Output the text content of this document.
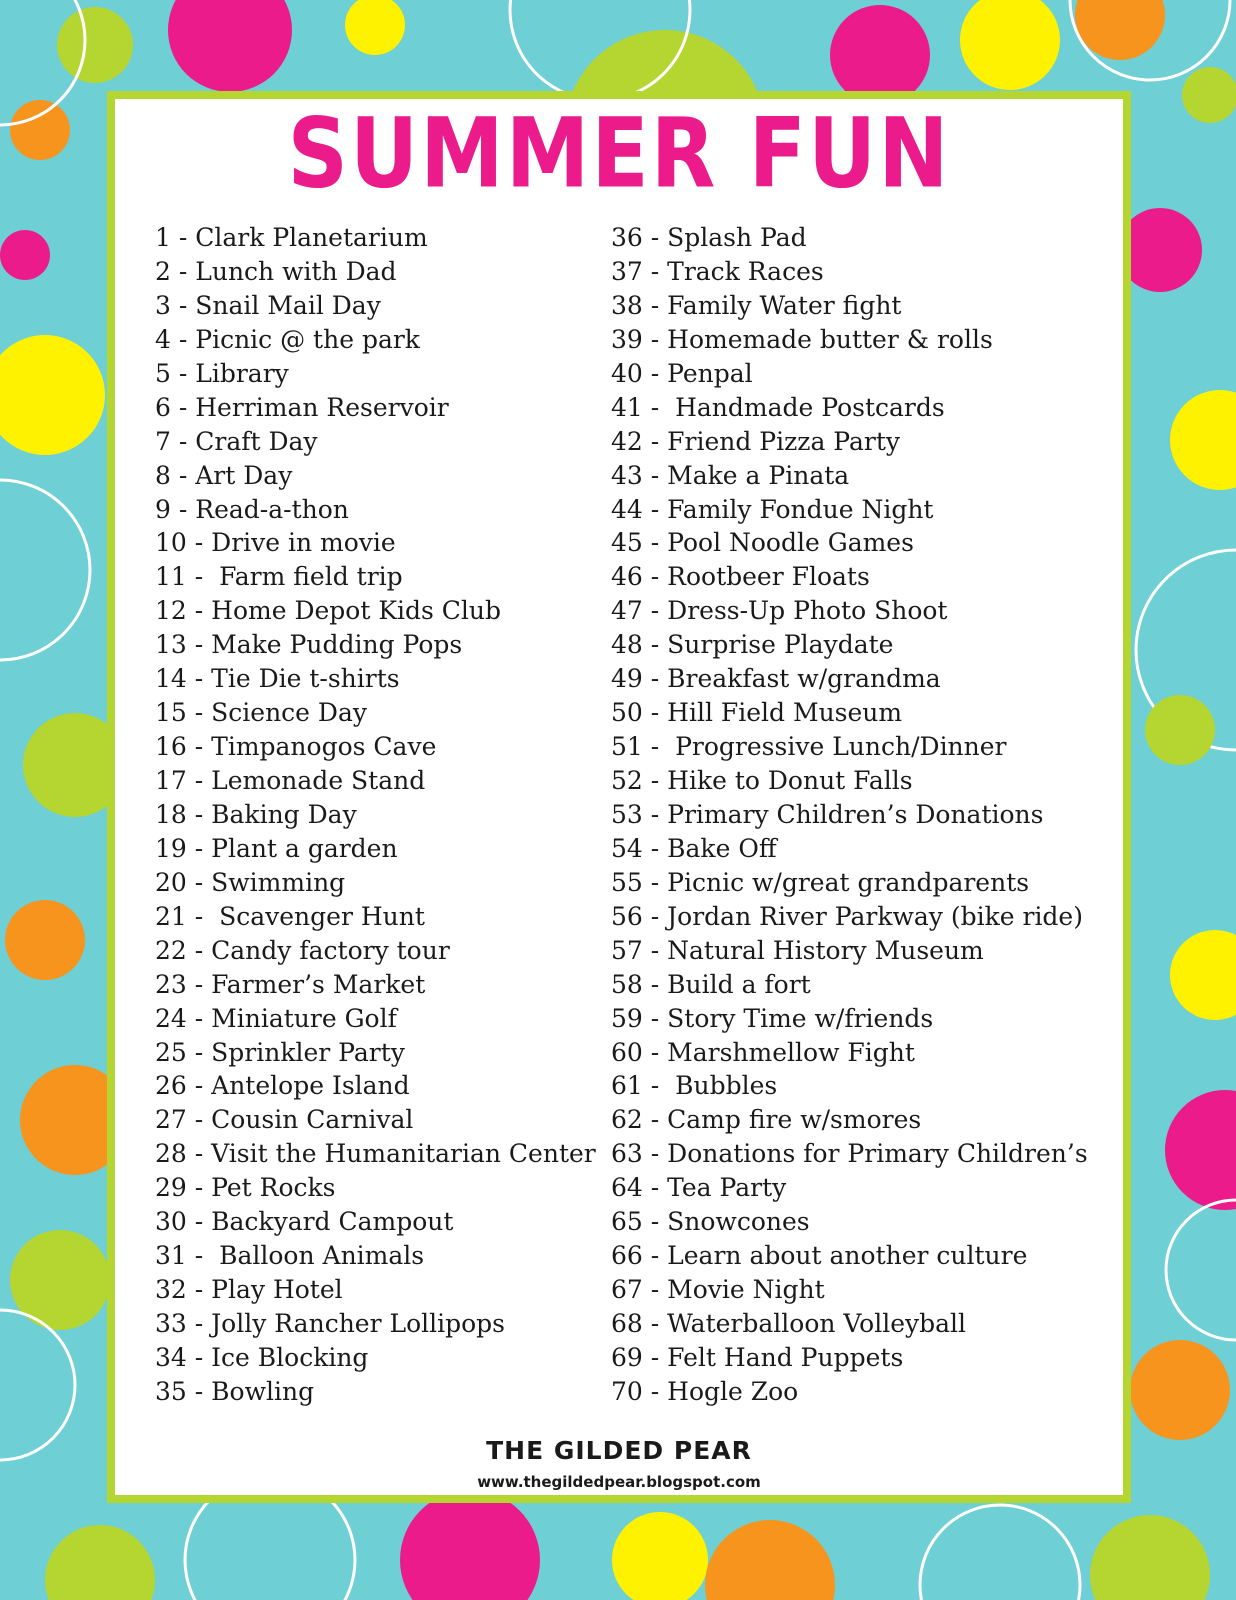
SUMMER FUN
1 - Clark Planetarium
2 - Lunch with Dad
3 - Snail Mail Day
4 - Picnic @ the park
5 - Library
6 - Herriman Reservoir
7 - Craft Day
8 - Art Day
9 - Read-a-thon
10 - Drive in movie
11 -  Farm field trip
12 - Home Depot Kids Club
13 - Make Pudding Pops
14 - Tie Die t-shirts
15 - Science Day
16 - Timpanogos Cave
17 - Lemonade Stand
18 - Baking Day
19 - Plant a garden
20 - Swimming
21 -  Scavenger Hunt
22 - Candy factory tour
23 - Farmer’s Market
24 - Miniature Golf
25 - Sprinkler Party
26 - Antelope Island
27 - Cousin Carnival
28 - Visit the Humanitarian Center
29 - Pet Rocks
30 - Backyard Campout
31 -  Balloon Animals
32 - Play Hotel
33 - Jolly Rancher Lollipops
34 - Ice Blocking
35 - Bowling
36 - Splash Pad
37 - Track Races
38 - Family Water fight
39 - Homemade butter & rolls
40 - Penpal
41 -  Handmade Postcards
42 - Friend Pizza Party
43 - Make a Pinata
44 - Family Fondue Night
45 - Pool Noodle Games
46 - Rootbeer Floats
47 - Dress-Up Photo Shoot
48 - Surprise Playdate
49 - Breakfast w/grandma
50 - Hill Field Museum
51 -  Progressive Lunch/Dinner
52 - Hike to Donut Falls
53 - Primary Children’s Donations
54 - Bake Off
55 - Picnic w/great grandparents
56 - Jordan River Parkway (bike ride)
57 - Natural History Museum
58 - Build a fort
59 - Story Time w/friends
60 - Marshmellow Fight
61 -  Bubbles
62 - Camp fire w/smores
63 - Donations for Primary Children’s
64 - Tea Party
65 - Snowcones
66 - Learn about another culture
67 - Movie Night
68 - Waterballoon Volleyball
69 - Felt Hand Puppets
70 - Hogle Zoo
THE GILDED PEAR
www.thegildedpear.blogspot.com
